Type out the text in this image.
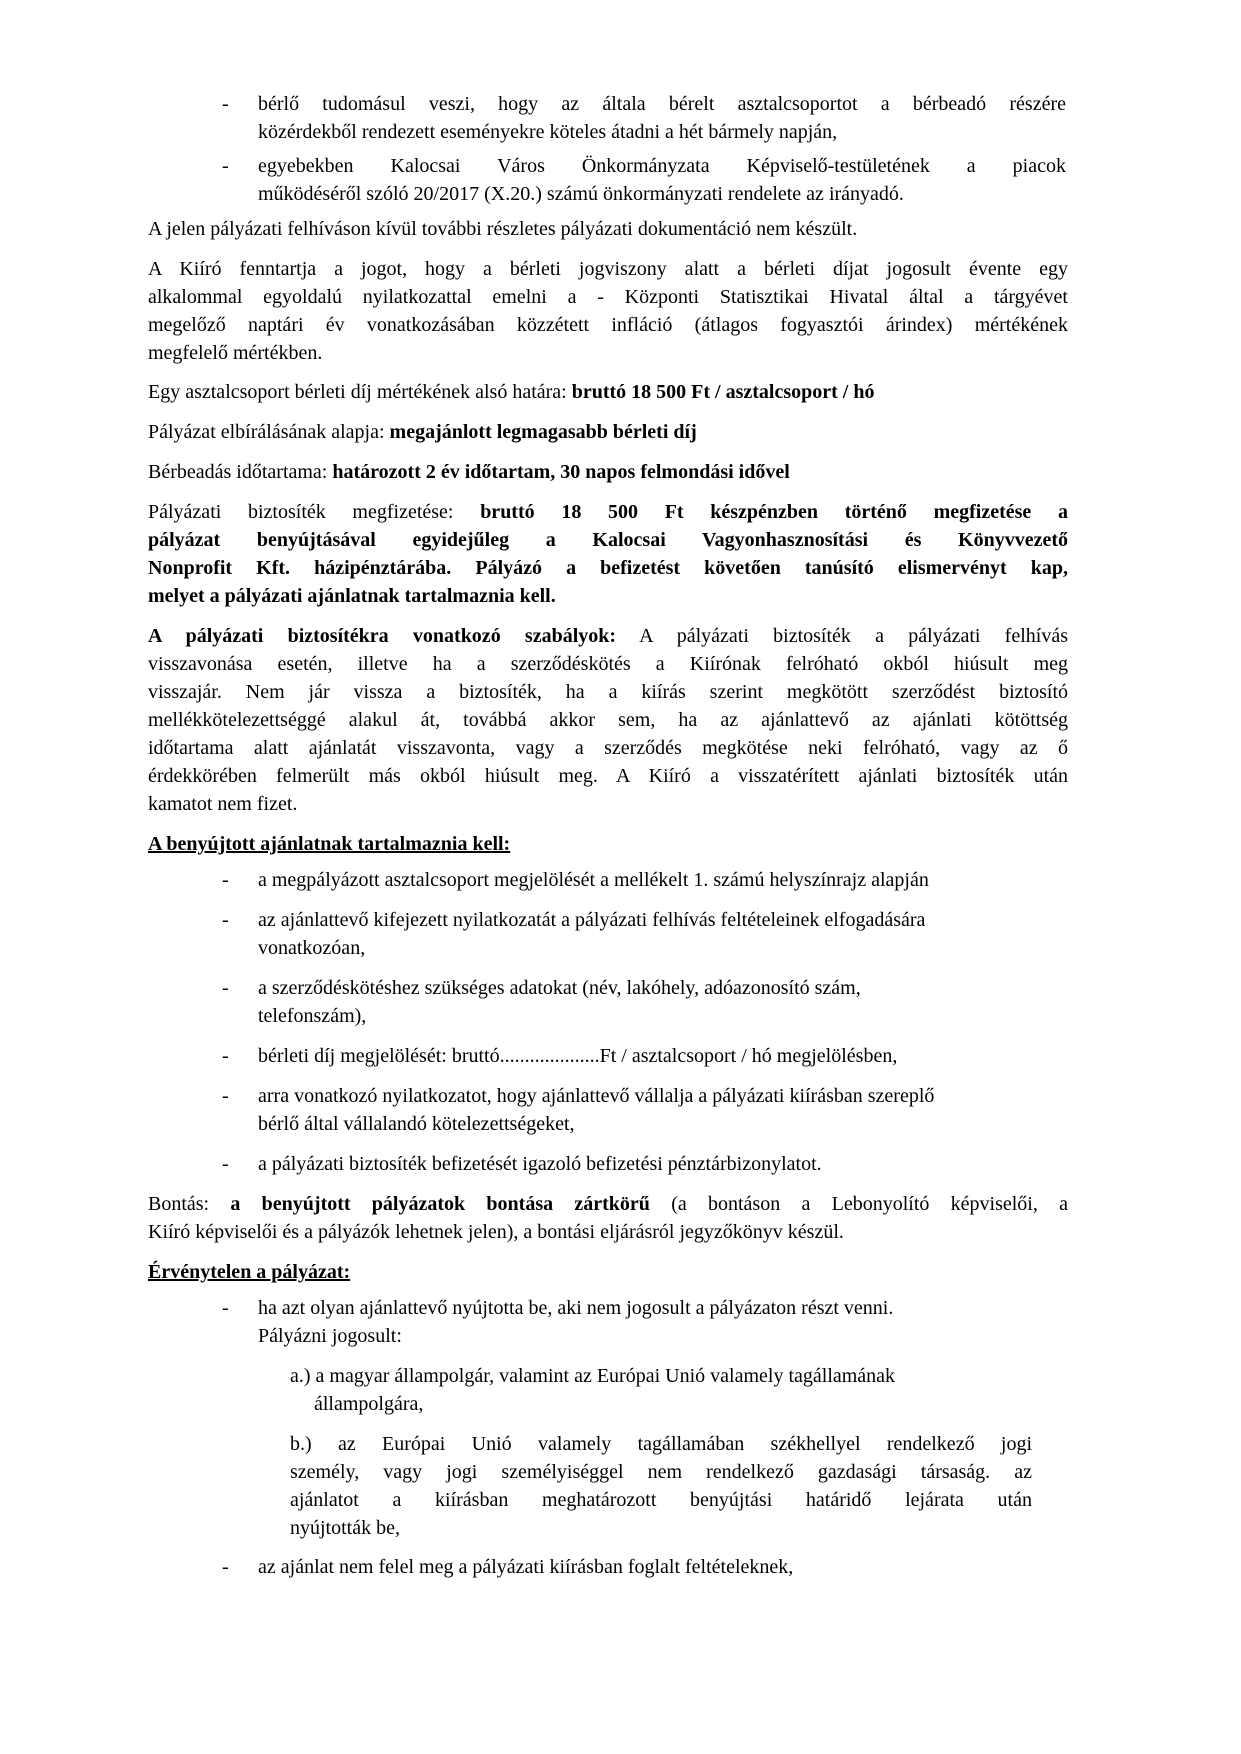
-
bérlő tudomásul veszi, hogy az általa bérelt asztalcsoportot a bérbeadó részére
közérdekből rendezett eseményekre köteles átadni a hét bármely napján,
-
egyebekben Kalocsai Város Önkormányzata Képviselő-testületének a piacok
működéséről szóló 20/2017 (X.20.) számú önkormányzati rendelete az irányadó.
A jelen pályázati felhíváson kívül további részletes pályázati dokumentáció nem készült.
A Kiíró fenntartja a jogot, hogy a bérleti jogviszony alatt a bérleti díjat jogosult évente egy
alkalommal egyoldalú nyilatkozattal emelni a - Központi Statisztikai Hivatal által a tárgyévet
megelőző naptári év vonatkozásában közzétett infláció (átlagos fogyasztói árindex) mértékének
megfelelő mértékben.
Egy asztalcsoport bérleti díj mértékének alsó határa: bruttó 18 500 Ft / asztalcsoport / hó
Pályázat elbírálásának alapja: megajánlott legmagasabb bérleti díj
Bérbeadás időtartama: határozott 2 év időtartam, 30 napos felmondási idővel
Pályázati biztosíték megfizetése: bruttó 18 500 Ft készpénzben történő megfizetése a
pályázat benyújtásával egyidejűleg a Kalocsai Vagyonhasznosítási és Könyvvezető
Nonprofit Kft. házipénztárába. Pályázó a befizetést követően tanúsító elismervényt kap,
melyet a pályázati ajánlatnak tartalmaznia kell.
A pályázati biztosítékra vonatkozó szabályok: A pályázati biztosíték a pályázati felhívás
visszavonása esetén, illetve ha a szerződéskötés a Kiírónak felróható okból hiúsult meg
visszajár. Nem jár vissza a biztosíték, ha a kiírás szerint megkötött szerződést biztosító
mellékkötelezettséggé alakul át, továbbá akkor sem, ha az ajánlattevő az ajánlati kötöttség
időtartama alatt ajánlatát visszavonta, vagy a szerződés megkötése neki felróható, vagy az ő
érdekkörében felmerült más okból hiúsult meg. A Kiíró a visszatérített ajánlati biztosíték után
kamatot nem fizet.
A benyújtott ajánlatnak tartalmaznia kell:
-
a megpályázott asztalcsoport megjelölését a mellékelt 1. számú helyszínrajz alapján
-
az ajánlattevő kifejezett nyilatkozatát a pályázati felhívás feltételeinek elfogadására
vonatkozóan,
-
a szerződéskötéshez szükséges adatokat (név, lakóhely, adóazonosító szám,
telefonszám),
-
bérleti díj megjelölését: bruttó....................Ft / asztalcsoport / hó megjelölésben,
-
arra vonatkozó nyilatkozatot, hogy ajánlattevő vállalja a pályázati kiírásban szereplő
bérlő által vállalandó kötelezettségeket,
-
a pályázati biztosíték befizetését igazoló befizetési pénztárbizonylatot.
Bontás: a benyújtott pályázatok bontása zártkörű (a bontáson a Lebonyolító képviselői, a
Kiíró képviselői és a pályázók lehetnek jelen), a bontási eljárásról jegyzőkönyv készül.
Érvénytelen a pályázat:
-
ha azt olyan ajánlattevő nyújtotta be, aki nem jogosult a pályázaton részt venni.
Pályázni jogosult:
a.) a magyar állampolgár, valamint az Európai Unió valamely tagállamának
állampolgára,
b.) az Európai Unió valamely tagállamában székhellyel rendelkező jogi
személy, vagy jogi személyiséggel nem rendelkező gazdasági társaság. az
ajánlatot a kiírásban meghatározott benyújtási határidő lejárata után
nyújtották be,
-
az ajánlat nem felel meg a pályázati kiírásban foglalt feltételeknek,
